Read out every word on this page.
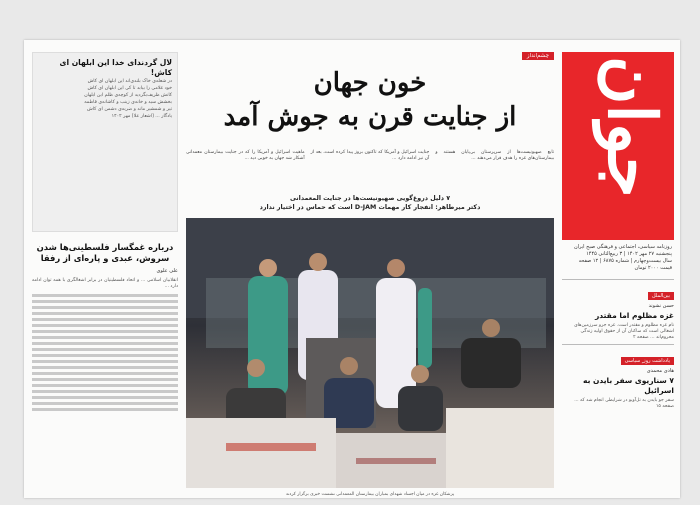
جوان
روزنامه سیاسی، اجتماعی و فرهنگی صبح ایران
پنجشنبه ۲۷ مهر ۱۴۰۲ | ۳ ربیع‌الثانی ۱۴۴۵
سال بیست‌وچهارم | شماره ۶۸۷۵ | ۱۲ صفحه
قیمت ۲۰۰۰ تومان
بین‌الملل
حسن نشوند
غزه مظلوم اما مقتدر
نام غزه مظلوم و مقتدر است. غزه جزو سرزمین‌های اشغالی است که ساکنان آن از حقوق اولیه زندگی محروم‌اند ... صفحه ۲
یادداشت روز ٍ سیاسی
هادی محمدی
۷ سناریوی سفر بایدن به اسرائیل
سفر جو بایدن به تل‌آویو در شرایطی انجام شد که ... صفحه ۱۵
چشم‌انداز
خون جهان
از جنایت قرن به جوش آمد
تابع صهیونیست‌ها از سرپرستان بی‌پایان هستند و بیمارستان‌های غزه را هدف قرار می‌دهند ...
جنایت اسرائیل و آمریکا که تاکنون بروز پیدا کرده است، بعد از آن نیز ادامه دارد ...
ماهیت اسرائیل و آمریکا را که در جنایت بیمارستان معمدانی آشکار شد جهان به خوبی دید ...
۷ دلیل دروغ‌گویی صهیونیست‌ها در جنایت المعمدانی
دکتر میرطاهر: انفجار کار مهمات D-JAM است که حماس در اختیار ندارد
پزشکان غزه در میان اجساد شهدای بمباران بیمارستان المعمدانی نشست خبری برگزار کردند
لال گردند‌ای خدا این ابلهان ای کاش!
در شعله‌ی خاک بلندی‌اند این ابلهان ای کاش
خود غلامی را بیابد تا کی این ابلهان ای کاش
کانش ظریف‌بگردید از کوچه‌ی ظلم این ابلهان
بخشش سید و خانه‌ی زینب و کاشانه‌ی فاطمه
تیر و شمشیر ماند و ضربه‌ی دشمن ای کاش
یادگار ... [اشعار علا] مهر ۱۴۰۲
درباره غمگسار فلسطینی‌ها شدن
سروش، عبدی و پاره‌ای از رفقا
علی علوی
انقلابیان اسلامی ... و اتحاد فلسطینیان در برابر اشغالگری با همه توان ادامه دارد ...
